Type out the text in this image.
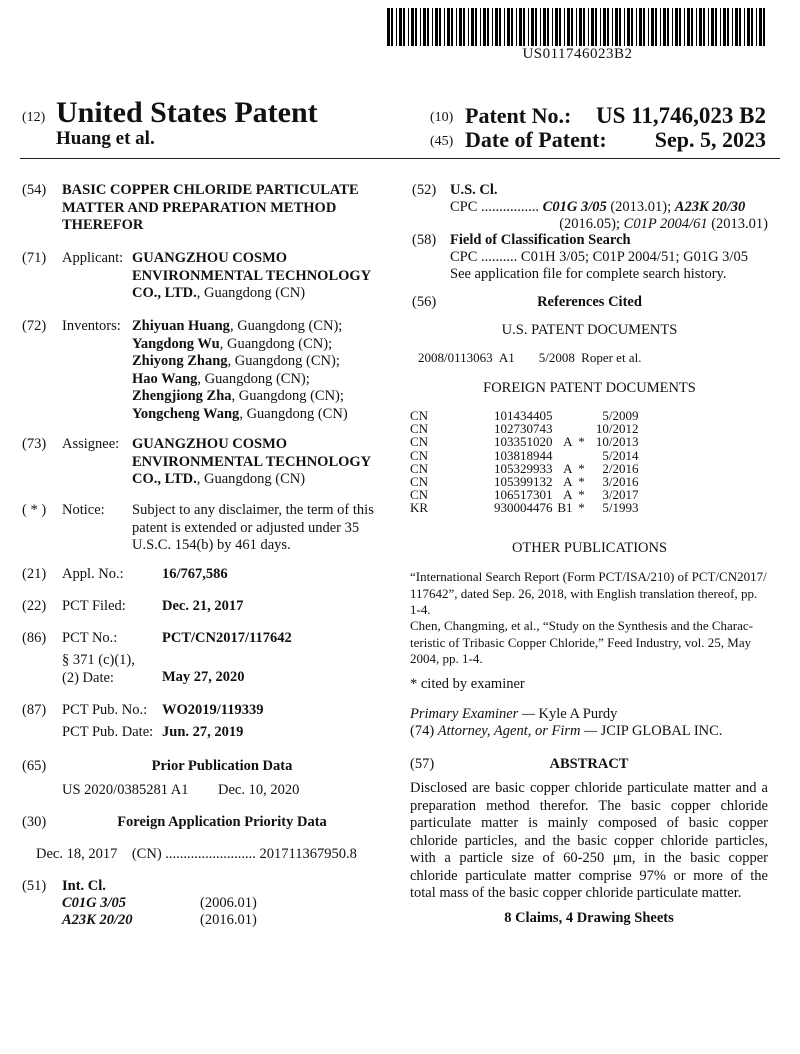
US011746023B2
(12) United States Patent
Huang et al.
(10) Patent No.: US 11,746,023 B2
(45) Date of Patent: Sep. 5, 2023
(54) BASIC COPPER CHLORIDE PARTICULATE
MATTER AND PREPARATION METHOD
THEREFOR
(71) Applicant: GUANGZHOU COSMO
ENVIRONMENTAL TECHNOLOGY
CO., LTD., Guangdong (CN)
(72) Inventors: Zhiyuan Huang, Guangdong (CN);
Yangdong Wu, Guangdong (CN);
Zhiyong Zhang, Guangdong (CN);
Hao Wang, Guangdong (CN);
Zhengjiong Zha, Guangdong (CN);
Yongcheng Wang, Guangdong (CN)
(73) Assignee: GUANGZHOU COSMO
ENVIRONMENTAL TECHNOLOGY
CO., LTD., Guangdong (CN)
( * ) Notice: Subject to any disclaimer, the term of this
patent is extended or adjusted under 35
U.S.C. 154(b) by 461 days.
(21) Appl. No.:	16/767,586
(22) PCT Filed: Dec. 21, 2017
(86) PCT No.:	PCT/CN2017/117642
§ 371 (c)(1),
(2) Date:	May 27, 2020
(87) PCT Pub. No.: WO2019/119339
PCT Pub. Date: Jun. 27, 2019
(65)	Prior Publication Data
US 2020/0385281 A1 Dec. 10, 2020
(30)	Foreign Application Priority Data
Dec. 18, 2017    (CN) ......................... 201711367950.8
(51) Int. Cl.
C01G 3/05	(2006.01)
A23K 20/20	(2016.01)
(52) U.S. Cl.
CPC ................ C01G 3/05 (2013.01); A23K 20/30
(2016.05); C01P 2004/61 (2013.01)
(58) Field of Classification Search
CPC .......... C01H 3/05; C01P 2004/51; G01G 3/05
See application file for complete search history.
(56)	References Cited
U.S. PATENT DOCUMENTS
2008/0113063 A1 5/2008 Roper et al.
FOREIGN PATENT DOCUMENTS
CN	101434405			5/2009
CN	102730743			10/2012
CN	103351020	A	*	10/2013
CN	103818944			5/2014
CN	105329933	A	*	2/2016
CN	105399132	A	*	3/2016
CN	106517301	A	*	3/2017
KR	930004476	B1	*	5/1993
OTHER PUBLICATIONS
“International Search Report (Form PCT/ISA/210) of PCT/CN2017/
117642”, dated Sep. 26, 2018, with English translation thereof, pp.
1-4.
Chen, Changming, et al., “Study on the Synthesis and the Charac-
teristic of Tribasic Copper Chloride,” Feed Industry, vol. 25, May
2004, pp. 1-4.
* cited by examiner
Primary Examiner — Kyle A Purdy
(74) Attorney, Agent, or Firm — JCIP GLOBAL INC.
(57)	ABSTRACT
Disclosed are basic copper chloride particulate matter and a
preparation method therefor. The basic copper chloride
particulate matter is mainly composed of basic copper
chloride particles, and the basic copper chloride particles,
with a particle size of 60-250 μm, in the basic copper
chloride particulate matter comprise 97% or more of the
total mass of the basic copper chloride particulate matter.
8 Claims, 4 Drawing Sheets
